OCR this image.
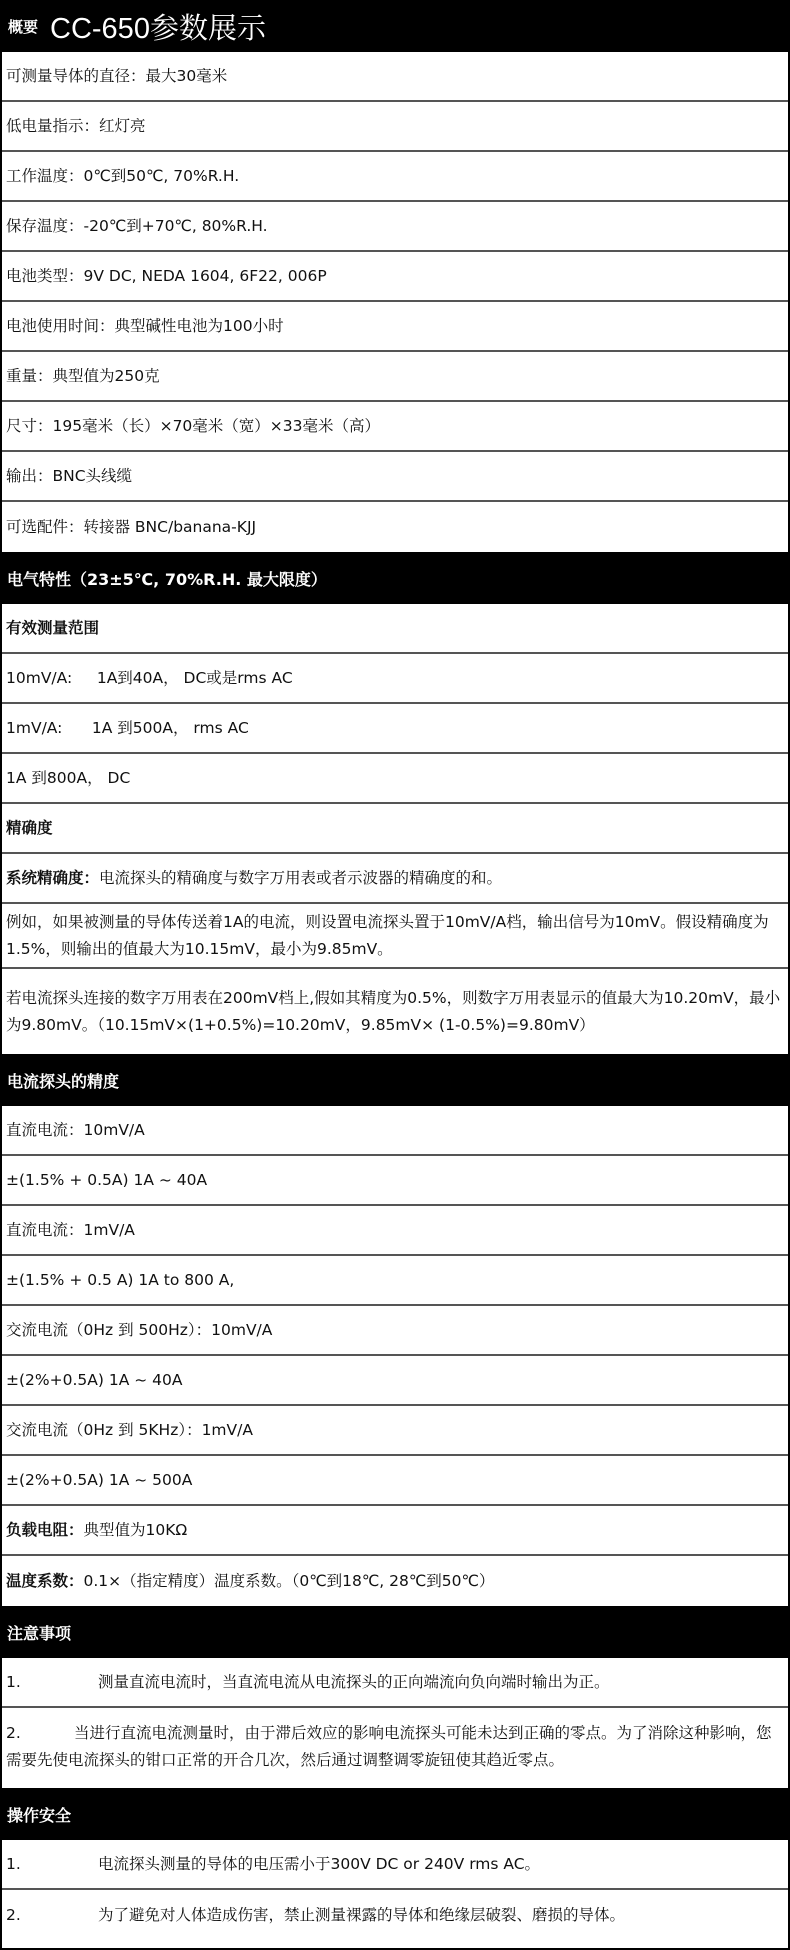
概要 CC-650参数展示
可测量导体的直径：最大30毫米
低电量指示：红灯亮
工作温度：0℃到50℃, 70%R.H.
保存温度：-20℃到+70℃, 80%R.H.
电池类型：9V DC, NEDA 1604, 6F22, 006P
电池使用时间：典型碱性电池为100小时
重量：典型值为250克
尺寸：195毫米（长）×70毫米（宽）×33毫米（高）
输出：BNC头线缆
可选配件：转接器 BNC/banana-KJJ
电气特性（23±5℃, 70%R.H. 最大限度）
有效测量范围
10mV/A:     1A到40A， DC或是rms AC
1mV/A:      1A 到500A， rms AC
1A 到800A， DC
精确度
系统精确度： 电流探头的精确度与数字万用表或者示波器的精确度的和。
例如，如果被测量的导体传送着1A的电流，则设置电流探头置于10mV/A档，输出信号为10mV。假设精确度为1.5%，则输出的值最大为10.15mV，最小为9.85mV。
若电流探头连接的数字万用表在200mV档上,假如其精度为0.5%，则数字万用表显示的值最大为10.20mV，最小为9.80mV。（10.15mV×(1+0.5%)=10.20mV，9.85mV× (1-0.5%)=9.80mV）
电流探头的精度
直流电流：10mV/A
±(1.5% + 0.5A) 1A ~ 40A
直流电流：1mV/A
±(1.5% + 0.5 A) 1A to 800 A,
交流电流（0Hz 到 500Hz）：10mV/A
±(2%+0.5A) 1A ~ 40A
交流电流（0Hz 到 5KHz）：1mV/A
±(2%+0.5A) 1A ~ 500A
负载电阻： 典型值为10KΩ
温度系数： 0.1×（指定精度）温度系数。（0℃到18℃, 28℃到50℃）
注意事项
1.	测量直流电流时，当直流电流从电流探头的正向端流向负向端时输出为正。
2.	当进行直流电流测量时，由于滞后效应的影响电流探头可能未达到正确的零点。为了消除这种影响，您需要先使电流探头的钳口正常的开合几次，然后通过调整调零旋钮使其趋近零点。
操作安全
1.	电流探头测量的导体的电压需小于300V DC or 240V rms AC。
2.	为了避免对人体造成伤害，禁止测量裸露的导体和绝缘层破裂、磨损的导体。
